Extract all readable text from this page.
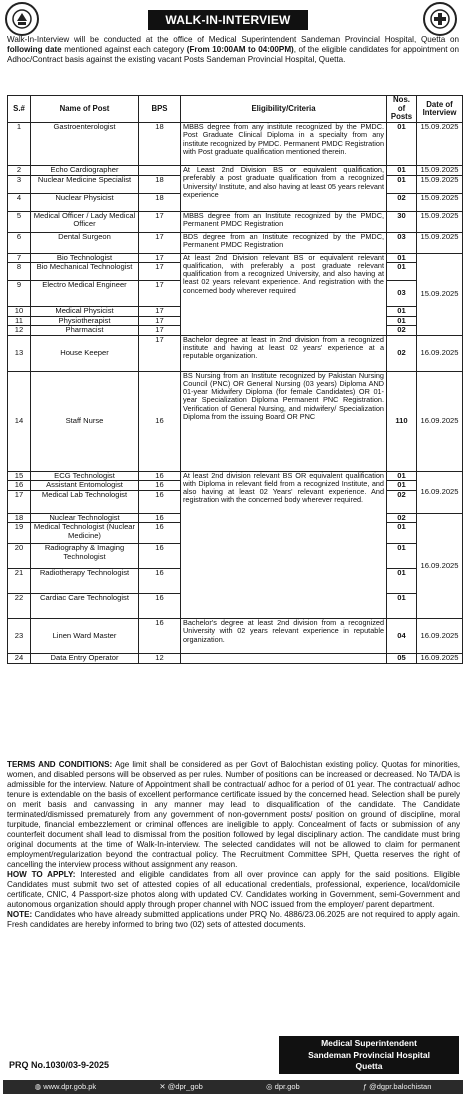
WALK-IN-INTERVIEW
Walk-In-Interview will be conducted at the office of Medical Superintendent Sandeman Provincial Hospital, Quetta on following date mentioned against each category (From 10:00AM to 04:00PM), of the eligible candidates for appointment on Adhoc/Contract basis against the existing vacant Posts Sandeman Provincial Hospital, Quetta.
S.#	Name of Post	BPS	Eligibility/Criteria	Nos. of Posts	Date of Interview
1	Gastroenterologist	18	MBBS degree from any institute recognized by the PMDC. Post Graduate Clinical Diploma in a specialty from any institute recognized by PMDC. Permanent PMDC Registration with Post graduate qualification mentioned therein.	01	15.09.2025
2	Echo Cardiographer		At Least 2nd Division BS or equivalent qualification, preferably a post graduate qualification from a recognized University/ Institute, and also having at least 05 years relevant experience	01	15.09.2025
3	Nuclear Medicine Specialist	18		01	15.09.2025
4	Nuclear Physicist	18		02	15.09.2025
5	Medical Officer / Lady Medical Officer	17	MBBS degree from an Institute recognized by the PMDC, Permanent PMDC Registration	30	15.09.2025
6	Dental Surgeon	17	BDS degree from an Institute recognized by the PMDC, Permanent PMDC Registration	03	15.09.2025
7	Bio Technologist	17	At least 2nd Division relevant BS or equivalent relevant qualification, with preferably a post graduate relevant qualification from a recognized University, and also having at least 02 years relevant experience. And registration with the concerned body wherever required	01	15.09.2025
8	Bio Mechanical Technologist	17		01	
9	Electro Medical Engineer	17		03	
10	Medical Physicist	17		01	
11	Physiotherapist	17		01	
12	Pharmacist	17		02	
13	House Keeper	17	Bachelor degree at least in 2nd division from a recognized institute and having at least 02 years' experience at a reputable organization.	02	16.09.2025
14	Staff Nurse	16	BS Nursing from an Institute recognized by Pakistan Nursing Council (PNC) OR General Nursing (03 years) Diploma AND 01-year Midwifery Diploma (for female Candidates) OR 01-year Specialization Diploma Permanent PNC Registration. Verification of General Nursing, and midwifery/ Specialization Diploma from the issuing Board OR PNC	110	16.09.2025
15	ECG Technologist	16	At least 2nd division relevant BS OR equivalent qualification with Diploma in relevant field from a recognized Institute, and also having at least 02 Years' relevant experience. And registration with the concerned body wherever required.	01	16.09.2025
16	Assistant Entomologist	16		01	
17	Medical Lab Technologist	16		02	
18	Nuclear Technologist	16		02	16.09.2025
19	Medical Technologist (Nuclear Medicine)	16		01	
20	Radiography & Imaging Technologist	16		01	
21	Radiotherapy Technologist	16		01	
22	Cardiac Care Technologist	16		01	
23	Linen Ward Master	16	Bachelor's degree at least 2nd division from a recognized University with 02 years relevant experience in reputable organization.	04	16.09.2025
24	Data Entry Operator	12		05	16.09.2025
TERMS AND CONDITIONS: Age limit shall be considered as per Govt of Balochistan existing policy. Quotas for minorities, women, and disabled persons will be observed as per rules. Number of positions can be increased or decreased. No TA/DA is admissible for the interview. Nature of Appointment shall be contractual/ adhoc for a period of 01 year. The contractual/ adhoc tenure is extendable on the basis of excellent performance certificate issued by the concerned head. Selection shall be purely on merit basis and canvassing in any manner may lead to disqualification of the candidate. The Candidate terminated/dismissed prematurely from any government of non-government posts/ position on ground of discipline, moral turpitude, financial embezzlement or criminal offences are ineligible to apply. Concealment of facts or submission of any counterfeit document shall lead to dismissal from the position followed by legal disciplinary action. The candidate must bring original documents at the time of Walk-In-interview. The selected candidates will not be allowed to claim for permanent employment/regularization beyond the contractual policy. The Recruitment Committee SPH, Quetta reserves the right of cancelling the interview process without assignment any reason.
HOW TO APPLY: Interested and eligible candidates from all over province can apply for the said positions. Eligible Candidates must submit two set of attested copies of all educational credentials, professional, experience, local/domicile certificate, CNIC, 4 Passport-size photos along with updated CV. Candidates working in Government, semi-Government and autonomous organization should apply through proper channel with NOC issued from the employer/ parent department.
NOTE: Candidates who have already submitted applications under PRQ No. 4886/23.06.2025 are not required to apply again. Fresh candidates are hereby informed to bring two (02) sets of attested documents.
Medical Superintendent
Sandeman Provincial Hospital
Quetta
PRQ No.1030/03-9-2025
◍ www.dpr.gob.pk	✕ @dpr_gob	◎ dpr.gob	ƒ @dgpr.balochistan
